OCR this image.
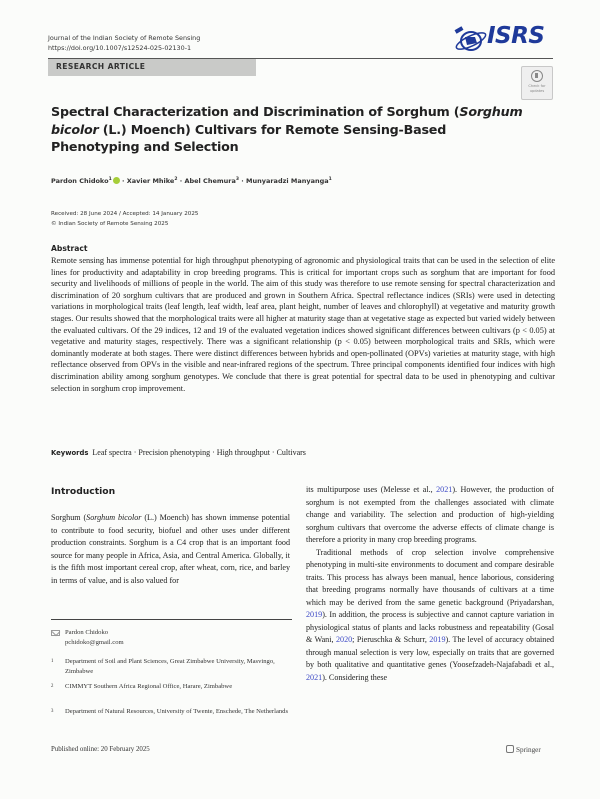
Journal of the Indian Society of Remote Sensing
https://doi.org/10.1007/s12524-025-02130-1	ISRS
RESEARCH ARTICLE
Check for updates
Spectral Characterization and Discrimination of Sorghum (Sorghum bicolor (L.) Moench) Cultivars for Remote Sensing-Based Phenotyping and Selection
Pardon Chidoko$^1$ · Xavier Mhike$^2$ · Abel Chemura$^3$ · Munyaradzi Manyanga$^1$
Received: 28 June 2024 / Accepted: 14 January 2025
© Indian Society of Remote Sensing 2025
Abstract
Remote sensing has immense potential for high throughput phenotyping of agronomic and physiological traits that can be used in the selection of elite lines for productivity and adaptability in crop breeding programs. This is critical for important crops such as sorghum that are important for food security and livelihoods of millions of people in the world. The aim of this study was therefore to use remote sensing for spectral characterization and discrimination of 20 sorghum cultivars that are produced and grown in Southern Africa. Spectral reflectance indices (SRIs) were used in detecting variations in morphological traits (leaf length, leaf width, leaf area, plant height, number of leaves and chlorophyll) at vegetative and maturity growth stages. Our results showed that the morphological traits were all higher at maturity stage than at vegetative stage as expected but varied widely between the evaluated cultivars. Of the 29 indices, 12 and 19 of the evaluated vegetation indices showed significant differences between cultivars (p < 0.05) at vegetative and maturity stages, respectively. There was a significant relationship (p < 0.05) between morphological traits and SRIs, which were dominantly moderate at both stages. There were distinct differences between hybrids and open-pollinated (OPVs) varieties at maturity stage, with high reflectance observed from OPVs in the visible and near-infrared regions of the spectrum. Three principal components identified four indices with high discrimination ability among sorghum genotypes. We conclude that there is great potential for spectral data to be used in phenotyping and cultivar selection in sorghum crop improvement.
Keywords Leaf spectra · Precision phenotyping · High throughput · Cultivars
Introduction

Sorghum (Sorghum bicolor (L.) Moench) has shown immense potential to contribute to food security, biofuel and other uses under different production constraints. Sorghum is a C4 crop that is an important food source for many people in Africa, Asia, and Central America. Globally, it is the fifth most important cereal crop, after wheat, corn, rice, and barley in terms of value, and is also valued for

its multipurpose uses (Melesse et al., 2021). However, the production of sorghum is not exempted from the challenges associated with climate change and variability. The selection and production of high-yielding sorghum cultivars that overcome the adverse effects of climate change is therefore a priority in many crop breeding programs.

Traditional methods of crop selection involve comprehensive phenotyping in multi-site environments to document and compare desirable traits. This process has always been manual, hence laborious, considering that breeding programs normally have thousands of cultivars at a time which may be derived from the same genetic background (Priyadarshan, 2019). In addition, the process is subjective and cannot capture variation in physiological status of plants and lacks robustness and repeatability (Gosal & Wani, 2020; Pieruschka & Schurr, 2019). The level of accuracy obtained through manual selection is very low, especially on traits that are governed by both qualitative and quantitative genes (Yoosefzadeh-Najafabadi et al., 2021). Considering these

Pardon Chidoko
pchidoko@gmail.com
1 Department of Soil and Plant Sciences, Great Zimbabwe University, Masvingo, Zimbabwe
2 CIMMYT Southern Africa Regional Office, Harare, Zimbabwe
3 Department of Natural Resources, University of Twente, Enschede, The Netherlands
Published online: 20 February 2025	Springer
